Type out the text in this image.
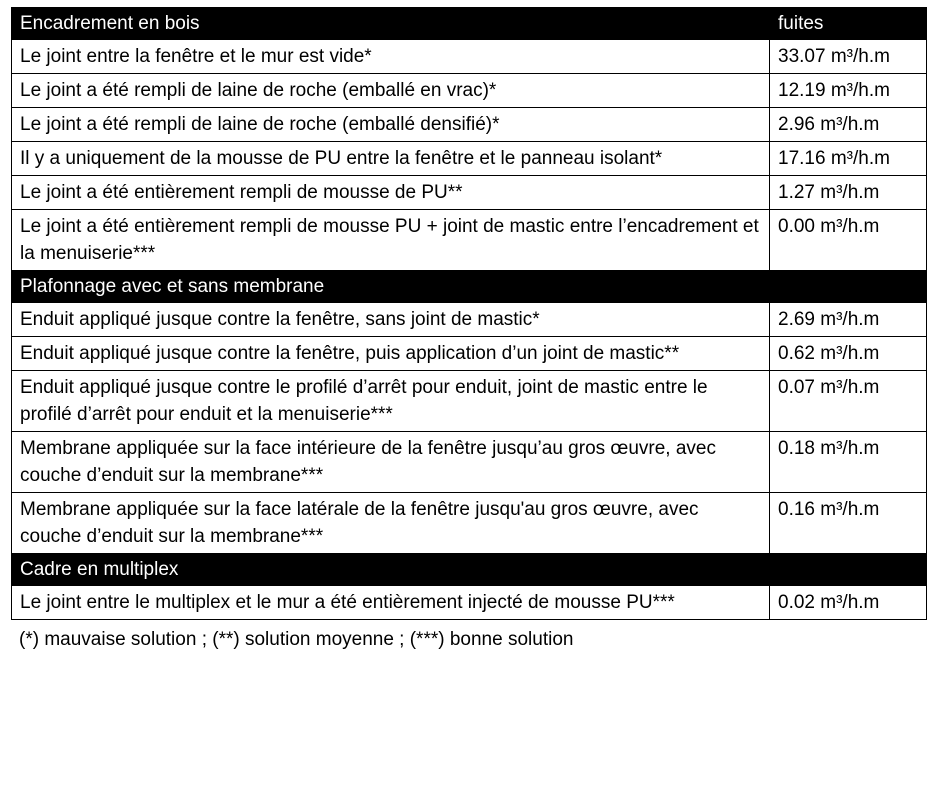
Encadrement en bois	fuites
Le joint entre la fenêtre et le mur est vide*	33.07 m³/h.m
Le joint a été rempli de laine de roche (emballé en vrac)*	12.19 m³/h.m
Le joint a été rempli de laine de roche (emballé densifié)*	2.96 m³/h.m
Il y a uniquement de la mousse de PU entre la fenêtre et le panneau isolant*	17.16 m³/h.m
Le joint a été entièrement rempli de mousse de PU**	1.27 m³/h.m
Le joint a été entièrement rempli de mousse PU + joint de mastic entre l’encadrement et la menuiserie***	0.00 m³/h.m
Plafonnage avec et sans membrane	
Enduit appliqué jusque contre la fenêtre, sans joint de mastic*	2.69 m³/h.m
Enduit appliqué jusque contre la fenêtre, puis application d’un joint de mastic**	0.62 m³/h.m
Enduit appliqué jusque contre le profilé d’arrêt pour enduit, joint de mastic entre le profilé d’arrêt pour enduit et la menuiserie***	0.07 m³/h.m
Membrane appliquée sur la face intérieure de la fenêtre jusqu’au gros œuvre, avec couche d’enduit sur la membrane***	0.18 m³/h.m
Membrane appliquée sur la face latérale de la fenêtre jusqu'au gros œuvre, avec couche d’enduit sur la membrane***	0.16 m³/h.m
Cadre en multiplex	
Le joint entre le multiplex et le mur a été entièrement injecté de mousse PU***	0.02 m³/h.m
(*) mauvaise solution ; (**) solution moyenne ; (***) bonne solution
